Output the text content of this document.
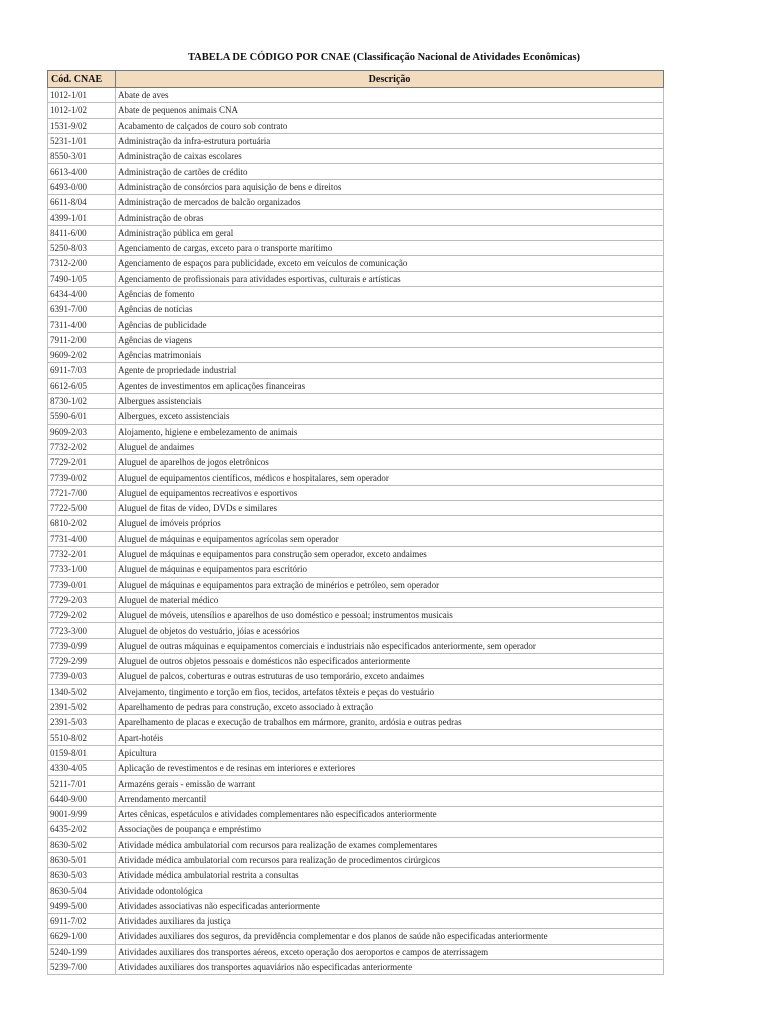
TABELA DE CÓDIGO POR CNAE (Classificação Nacional de Atividades Econômicas)
Cód. CNAE	Descrição
1012-1/01	Abate de aves
1012-1/02	Abate de pequenos animais CNA
1531-9/02	Acabamento de calçados de couro sob contrato
5231-1/01	Administração da infra-estrutura portuária
8550-3/01	Administração de caixas escolares
6613-4/00	Administração de cartões de crédito
6493-0/00	Administração de consórcios para aquisição de bens e direitos
6611-8/04	Administração de mercados de balcão organizados
4399-1/01	Administração de obras
8411-6/00	Administração pública em geral
5250-8/03	Agenciamento de cargas, exceto para o transporte marítimo
7312-2/00	Agenciamento de espaços para publicidade, exceto em veículos de comunicação
7490-1/05	Agenciamento de profissionais para atividades esportivas, culturais e artísticas
6434-4/00	Agências de fomento
6391-7/00	Agências de notícias
7311-4/00	Agências de publicidade
7911-2/00	Agências de viagens
9609-2/02	Agências matrimoniais
6911-7/03	Agente de propriedade industrial
6612-6/05	Agentes de investimentos em aplicações financeiras
8730-1/02	Albergues assistenciais
5590-6/01	Albergues, exceto assistenciais
9609-2/03	Alojamento, higiene e embelezamento de animais
7732-2/02	Aluguel de andaimes
7729-2/01	Aluguel de aparelhos de jogos eletrônicos
7739-0/02	Aluguel de equipamentos científicos, médicos e hospitalares, sem operador
7721-7/00	Aluguel de equipamentos recreativos e esportivos
7722-5/00	Aluguel de fitas de vídeo, DVDs e similares
6810-2/02	Aluguel de imóveis próprios
7731-4/00	Aluguel de máquinas e equipamentos agrícolas sem operador
7732-2/01	Aluguel de máquinas e equipamentos para construção sem operador, exceto andaimes
7733-1/00	Aluguel de máquinas e equipamentos para escritório
7739-0/01	Aluguel de máquinas e equipamentos para extração de minérios e petróleo, sem operador
7729-2/03	Aluguel de material médico
7729-2/02	Aluguel de móveis, utensílios e aparelhos de uso doméstico e pessoal; instrumentos musicais
7723-3/00	Aluguel de objetos do vestuário, jóias e acessórios
7739-0/99	Aluguel de outras máquinas e equipamentos comerciais e industriais não especificados anteriormente, sem operador
7729-2/99	Aluguel de outros objetos pessoais e domésticos não especificados anteriormente
7739-0/03	Aluguel de palcos, coberturas e outras estruturas de uso temporário, exceto andaimes
1340-5/02	Alvejamento, tingimento e torção em fios, tecidos, artefatos têxteis e peças do vestuário
2391-5/02	Aparelhamento de pedras para construção, exceto associado à extração
2391-5/03	Aparelhamento de placas e execução de trabalhos em mármore, granito, ardósia e outras pedras
5510-8/02	Apart-hotéis
0159-8/01	Apicultura
4330-4/05	Aplicação de revestimentos e de resinas em interiores e exteriores
5211-7/01	Armazéns gerais - emissão de warrant
6440-9/00	Arrendamento mercantil
9001-9/99	Artes cênicas, espetáculos e atividades complementares não especificados anteriormente
6435-2/02	Associações de poupança e empréstimo
8630-5/02	Atividade médica ambulatorial com recursos para realização de exames complementares
8630-5/01	Atividade médica ambulatorial com recursos para realização de procedimentos cirúrgicos
8630-5/03	Atividade médica ambulatorial restrita a consultas
8630-5/04	Atividade odontológica
9499-5/00	Atividades associativas não especificadas anteriormente
6911-7/02	Atividades auxiliares da justiça
6629-1/00	Atividades auxiliares dos seguros, da previdência complementar e dos planos de saúde não especificadas anteriormente
5240-1/99	Atividades auxiliares dos transportes aéreos, exceto operação dos aeroportos e campos de aterrissagem
5239-7/00	Atividades auxiliares dos transportes aquaviários não especificadas anteriormente
